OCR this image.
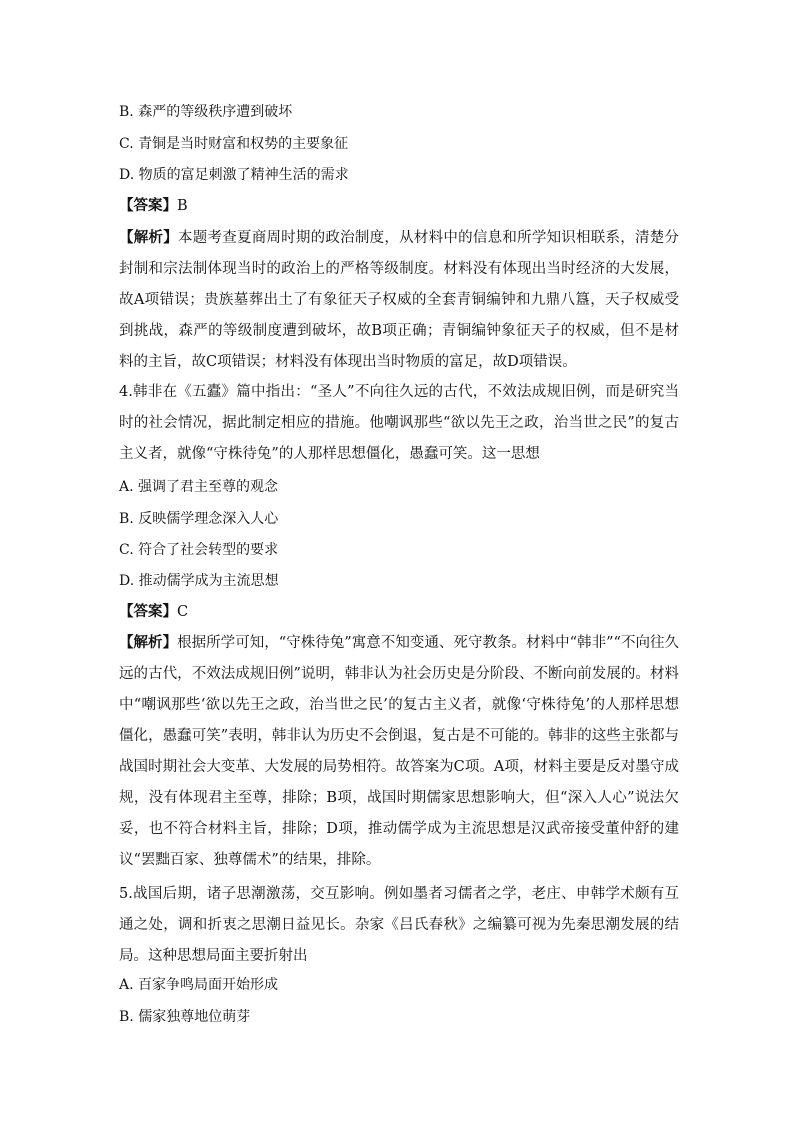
B. 森严的等级秩序遭到破坏
C. 青铜是当时财富和权势的主要象征
D. 物质的富足刺激了精神生活的需求
【答案】B

【解析】本题考查夏商周时期的政治制度，从材料中的信息和所学知识相联系，清楚分封制和宗法制体现当时的政治上的严格等级制度。材料没有体现出当时经济的大发展，故A项错误；贵族墓葬出土了有象征天子权威的全套青铜编钟和九鼎八簋，天子权威受到挑战，森严的等级制度遭到破坏，故B项正确；青铜编钟象征天子的权威，但不是材料的主旨，故C项错误；材料没有体现出当时物质的富足，故D项错误。

4.韩非在《五蠹》篇中指出：“圣人”不向往久远的古代，不效法成规旧例，而是研究当时的社会情况，据此制定相应的措施。他嘲讽那些“欲以先王之政，治当世之民”的复古主义者，就像“守株待兔”的人那样思想僵化，愚蠢可笑。这一思想

A. 强调了君主至尊的观念
B. 反映儒学理念深入人心
C. 符合了社会转型的要求
D. 推动儒学成为主流思想
【答案】C

【解析】根据所学可知，“守株待兔”寓意不知变通、死守教条。材料中“韩非”“不向往久远的古代，不效法成规旧例”说明，韩非认为社会历史是分阶段、不断向前发展的。材料中“嘲讽那些‘欲以先王之政，治当世之民’的复古主义者，就像‘守株待兔’的人那样思想僵化，愚蠢可笑”表明，韩非认为历史不会倒退，复古是不可能的。韩非的这些主张都与战国时期社会大变革、大发展的局势相符。故答案为C项。A项，材料主要是反对墨守成规，没有体现君主至尊，排除；B项，战国时期儒家思想影响大，但“深入人心”说法欠妥，也不符合材料主旨，排除；D项，推动儒学成为主流思想是汉武帝接受董仲舒的建议“罢黜百家、独尊儒术”的结果，排除。

5.战国后期，诸子思潮激荡，交互影响。例如墨者习儒者之学，老庄、申韩学术颇有互通之处，调和折衷之思潮日益见长。杂家《吕氏春秋》之编纂可视为先秦思潮发展的结局。这种思想局面主要折射出

A. 百家争鸣局面开始形成
B. 儒家独尊地位萌芽
